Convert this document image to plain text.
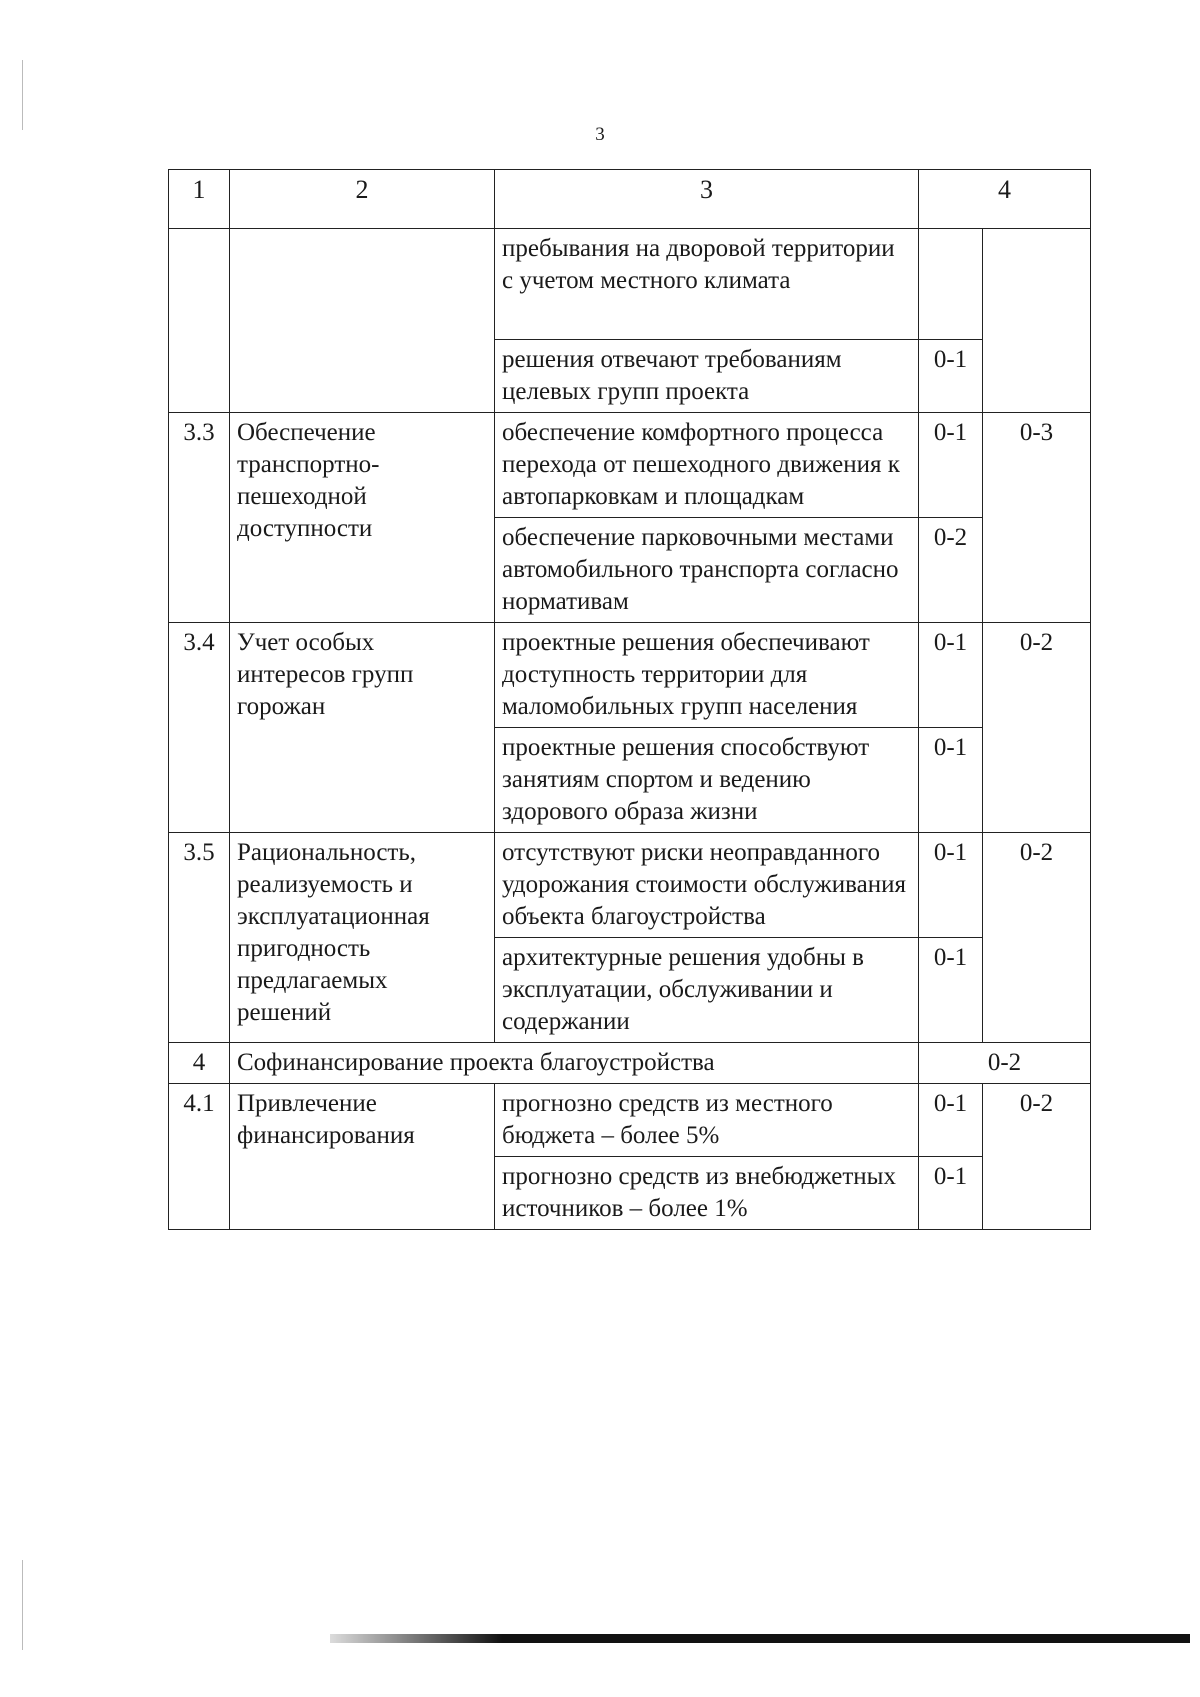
3
1	2	3	4	
		пребывания на дворовой территории с учетом местного климата		
		решения отвечают требованиям целевых групп проекта	0-1	
3.3	Обеспечение транспортно-пешеходной доступности	обеспечение комфортного процесса перехода от пешеходного движения к автопарковкам и площадкам	0-1	0-3
		обеспечение парковочными местами автомобильного транспорта согласно нормативам	0-2	
3.4	Учет особых интересов групп горожан	проектные решения обеспечивают доступность территории для маломобильных групп населения	0-1	0-2
		проектные решения способствуют занятиям спортом и ведению здорового образа жизни	0-1	
3.5	Рациональность, реализуемость и эксплуатационная пригодность предлагаемых решений	отсутствуют риски неоправданного удорожания стоимости обслуживания объекта благоустройства	0-1	0-2
		архитектурные решения удобны в эксплуатации, обслуживании и содержании	0-1	
4	Софинансирование проекта благоустройства		0-2	
4.1	Привлечение финансирования	прогнозно средств из местного бюджета – более 5%	0-1	0-2
		прогнозно средств из внебюджетных источников – более 1%	0-1	
